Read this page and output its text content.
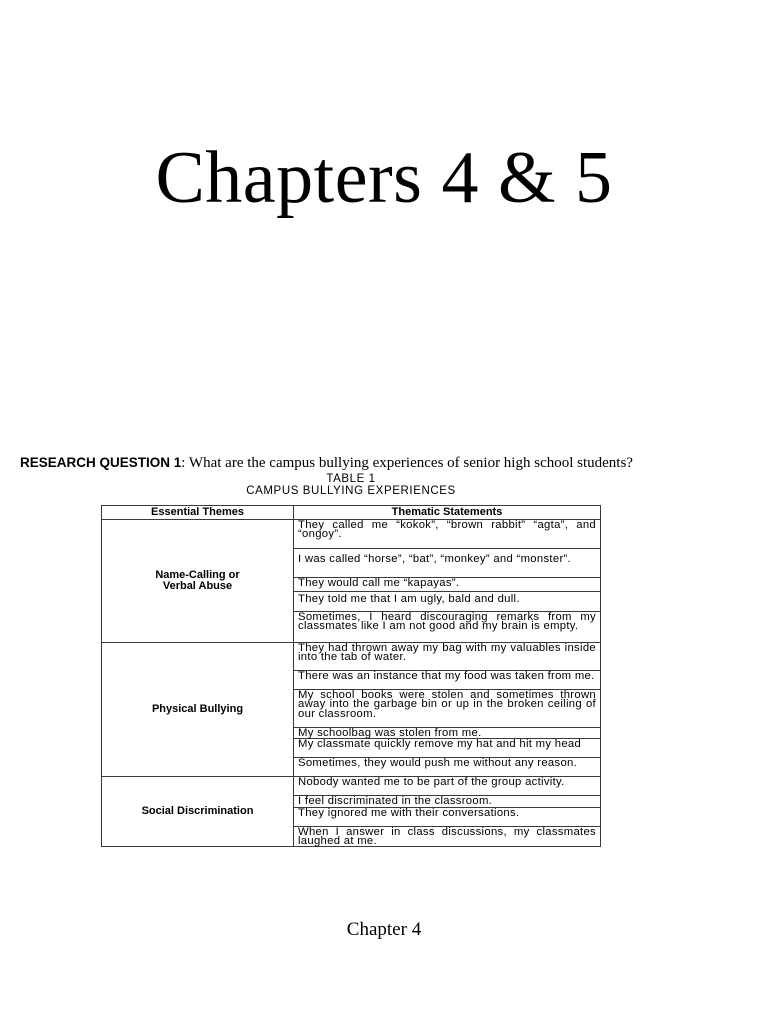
Chapters 4 & 5
RESEARCH QUESTION 1: What are the campus bullying experiences of senior high school students?
TABLE 1
CAMPUS BULLYING EXPERIENCES
Essential Themes	Thematic Statements

Name-Calling or Verbal Abuse	They called me “kokok”, “brown rabbit” “agta”, and “ongoy”.
	I was called “horse”, “bat”, “monkey” and “monster”.
	They would call me “kapayas”.
	They told me that I am ugly, bald and dull.
	Sometimes, I heard discouraging remarks from my classmates like I am not good and my brain is empty.

Physical Bullying	They had thrown away my bag with my valuables inside into the tab of water.
	There was an instance that my food was taken from me.
	My school books were stolen and sometimes thrown away into the garbage bin or up in the broken ceiling of our classroom.
	My schoolbag was stolen from me.
	My classmate quickly remove my hat and hit my head
	Sometimes, they would push me without any reason.

Social Discrimination	Nobody wanted me to be part of the group activity.
	I feel discriminated in the classroom.
	They ignored me with their conversations.
	When I answer in class discussions, my classmates laughed at me.
Chapter 4
